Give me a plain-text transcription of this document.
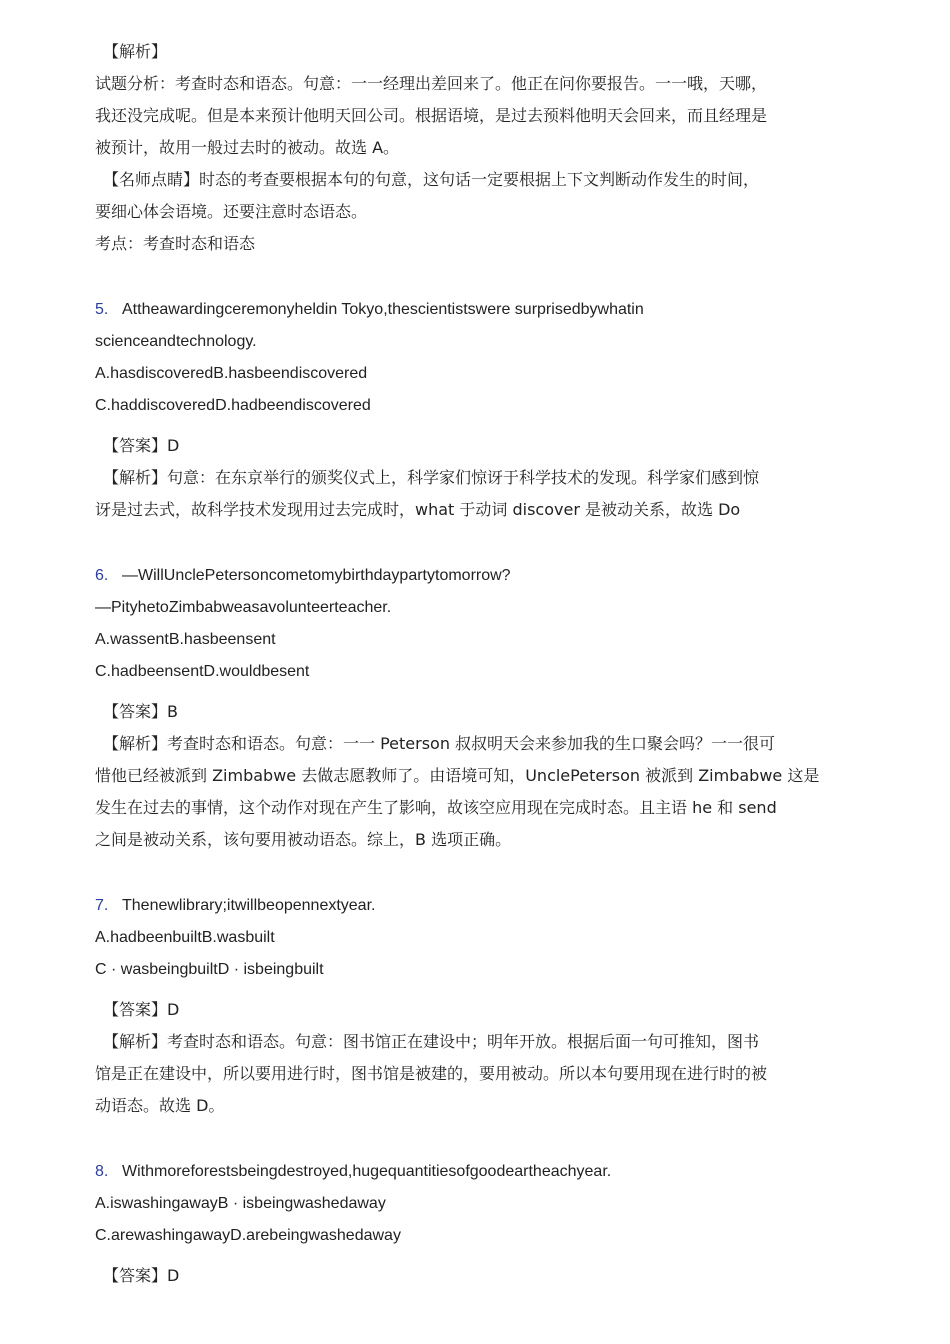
【解析】
试题分析：考查时态和语态。句意：一一经理出差回来了。他正在问你要报告。一一哦，天哪，
我还没完成呢。但是本来预计他明天回公司。根据语境，是过去预料他明天会回来，而且经理是
被预计，故用一般过去时的被动。故选 A。
【名师点睛】时态的考查要根据本句的句意，这句话一定要根据上下文判断动作发生的时间，
要细心体会语境。还要注意时态语态。
考点：考查时态和语态
5. Attheawardingceremonyheldin Tokyo,thescientistswere surprisedbywhatin
scienceandtechnology.
A.hasdiscoveredB.hasbeendiscovered
C.haddiscoveredD.hadbeendiscovered
【答案】D
【解析】句意：在东京举行的颁奖仪式上，科学家们惊讶于科学技术的发现。科学家们感到惊
讶是过去式，故科学技术发现用过去完成时，what 于动词 discover 是被动关系，故选 Do
6. —WillUnclePetersoncometomybirthdaypartytomorrow?
—PityhetoZimbabweasavolunteerteacher.
A.wassentB.hasbeensent
C.hadbeensentD.wouldbesent
【答案】B
【解析】考查时态和语态。句意：一一 Peterson 叔叔明天会来参加我的生口聚会吗？一一很可
惜他已经被派到 Zimbabwe 去做志愿教师了。由语境可知，UnclePeterson 被派到 Zimbabwe 这是
发生在过去的事情，这个动作对现在产生了影响，故该空应用现在完成时态。且主语 he 和 send
之间是被动关系，该句要用被动语态。综上，B 选项正确。
7. Thenewlibrary;itwillbeopennextyear.
A.hadbeenbuiltB.wasbuilt
C · wasbeingbuiltD · isbeingbuilt
【答案】D
【解析】考查时态和语态。句意：图书馆正在建设中；明年开放。根据后面一句可推知，图书
馆是正在建设中，所以要用进行时，图书馆是被建的，要用被动。所以本句要用现在进行时的被
动语态。故选 D。
8. Withmoreforestsbeingdestroyed,hugequantitiesofgoodeartheachyear.
A.iswashingawayB · isbeingwashedaway
C.arewashingawayD.arebeingwashedaway
【答案】D
